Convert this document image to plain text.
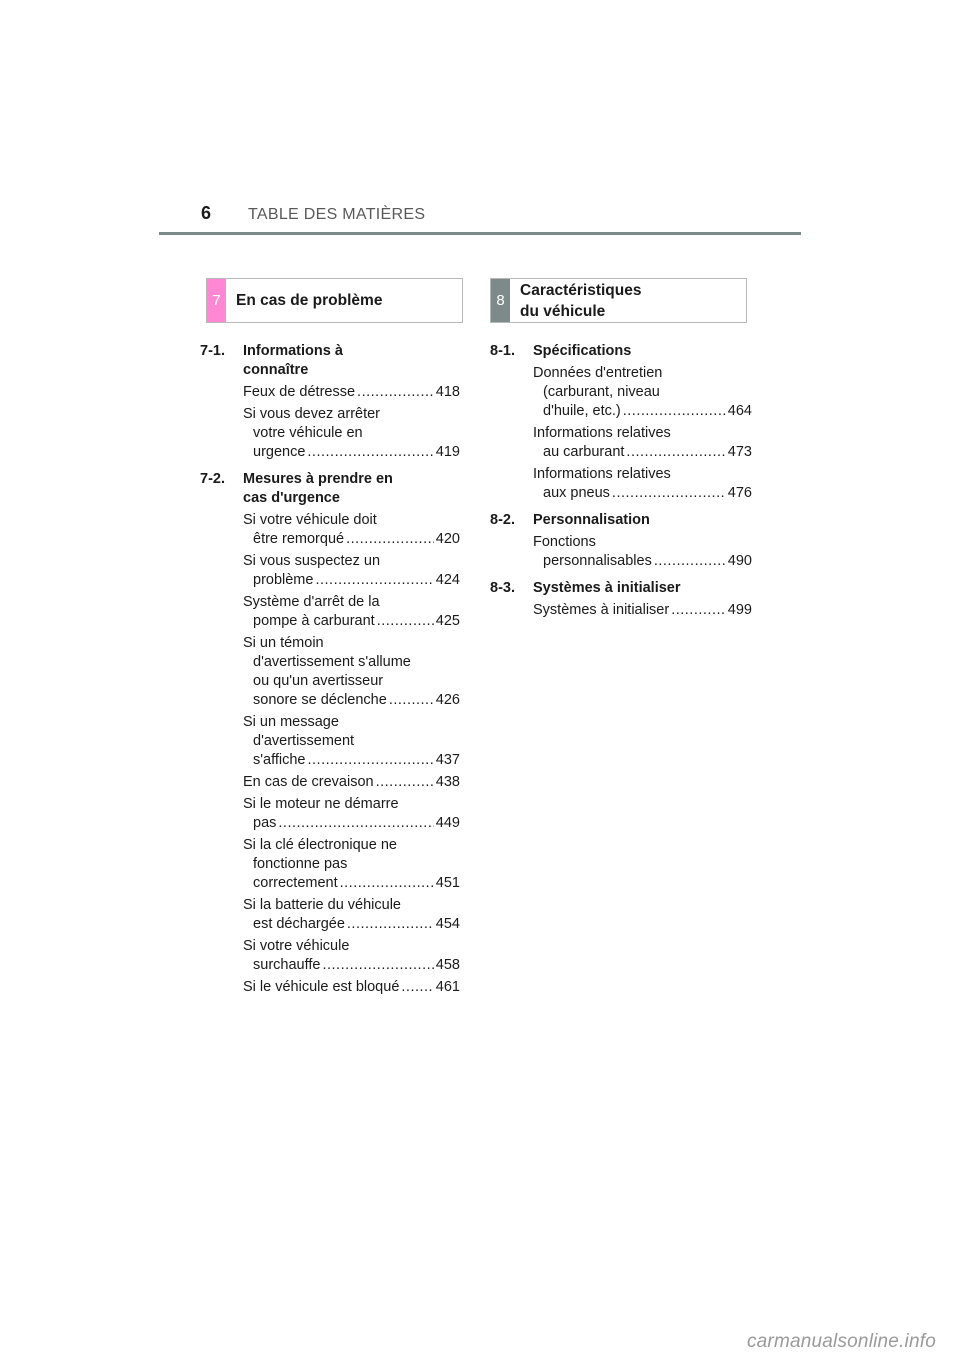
6 TABLE DES MATIÈRES
7 En cas de problème	8
Caractéristiques
du véhicule
7-1.	Informations à
connaître
Feux de détresse .....	418
Si vous devez arrêter
votre véhicule en
urgence .....	419
7-2.	Mesures à prendre en
cas d'urgence
Si votre véhicule doit
être remorqué .....	420
Si vous suspectez un
problème .....	424
Système d'arrêt de la
pompe à carburant .....	425
Si un témoin
d'avertissement s'allume
ou qu'un avertisseur
sonore se déclenche .....	426
Si un message
d'avertissement
s'affiche .....	437
En cas de crevaison .....	438
Si le moteur ne démarre
pas .....	449
Si la clé électronique ne
fonctionne pas
correctement .....	451
Si la batterie du véhicule
est déchargée .....	454
Si votre véhicule
surchauffe .....	458
Si le véhicule est bloqué .....	461
8-1.	Spécifications
Données d'entretien
(carburant, niveau
d'huile, etc.) .....	464
Informations relatives
au carburant .....	473
Informations relatives
aux pneus .....	476
8-2.	Personnalisation
Fonctions
personnalisables .....	490
8-3.	Systèmes à initialiser
Systèmes à initialiser .....	499
carmanualsonline.info
